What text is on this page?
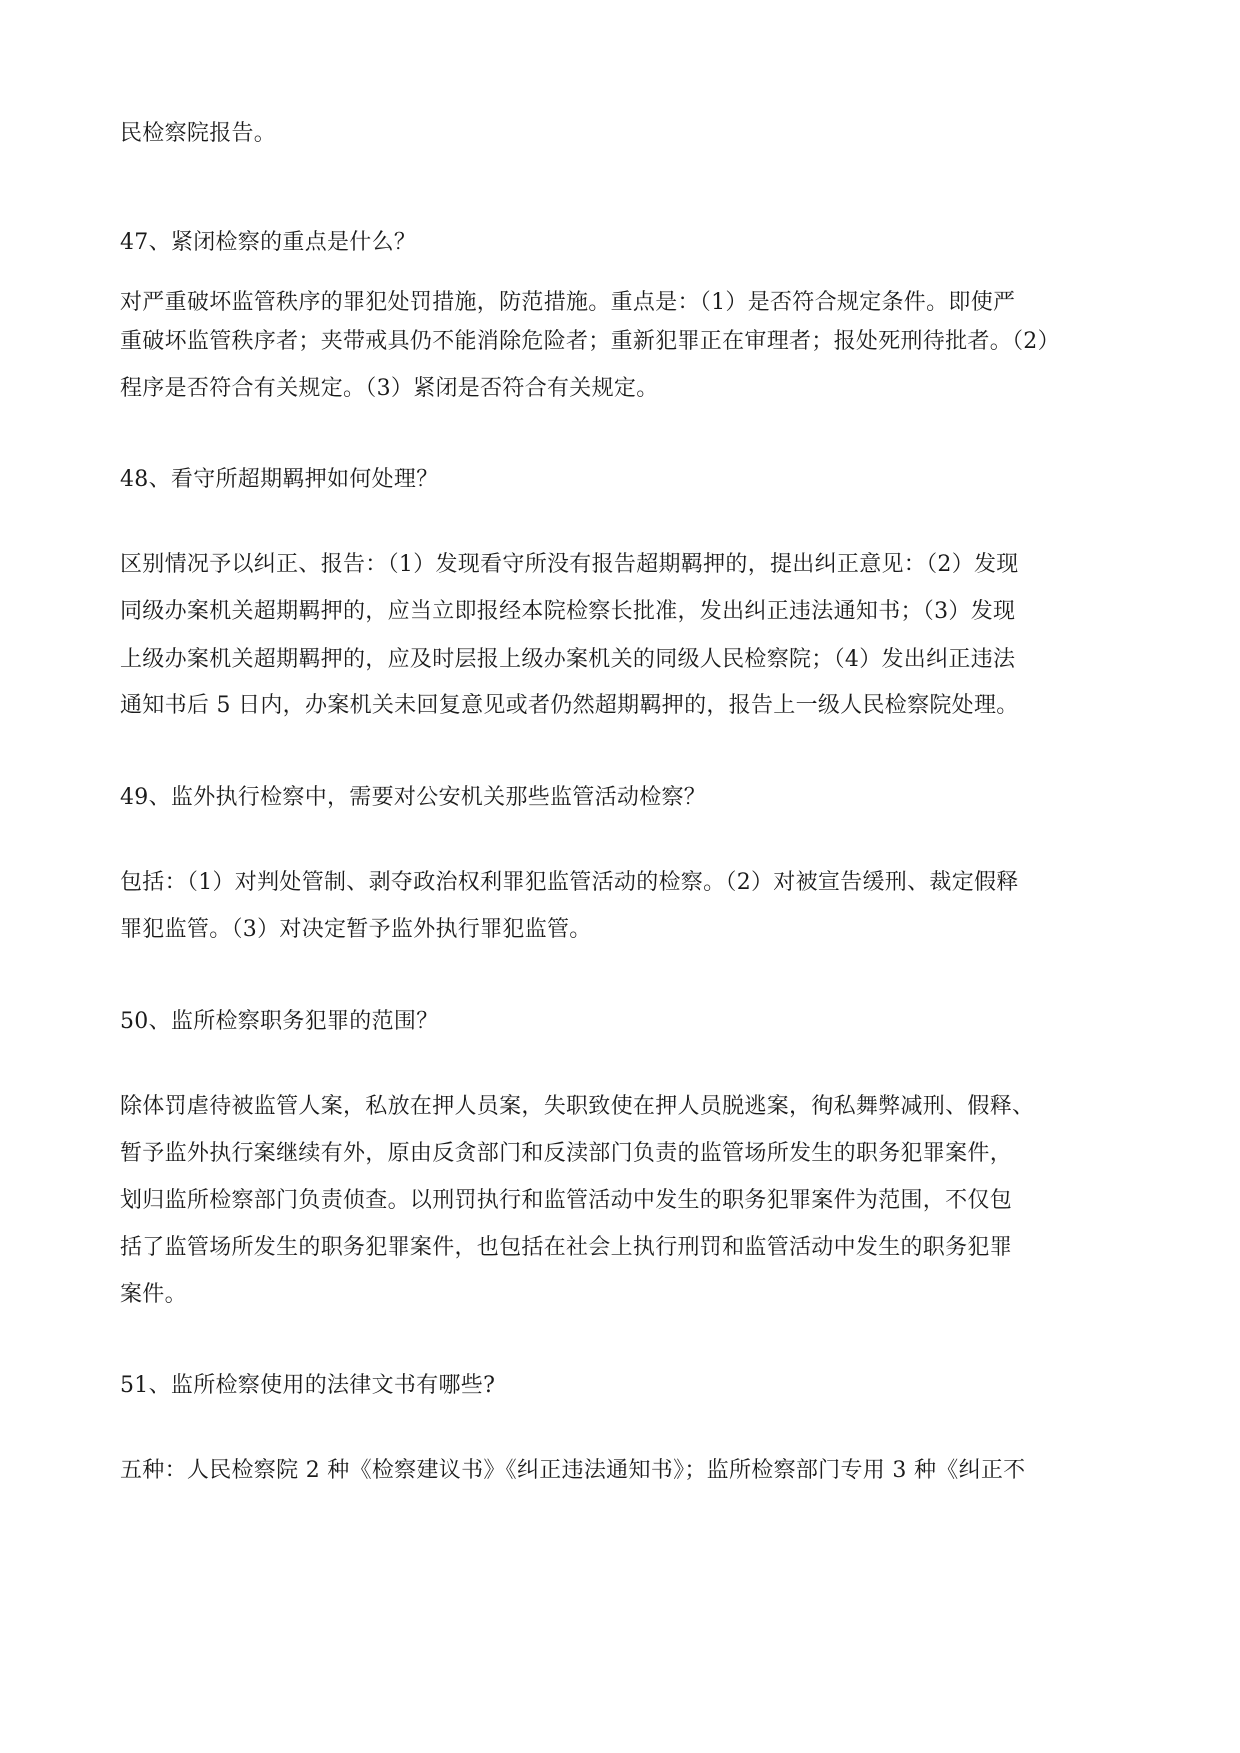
民检察院报告。

47、紧闭检察的重点是什么？

对严重破坏监管秩序的罪犯处罚措施，防范措施。重点是：（1）是否符合规定条件。即使严

重破坏监管秩序者；夹带戒具仍不能消除危险者；重新犯罪正在审理者；报处死刑待批者。（2）

程序是否符合有关规定。（3）紧闭是否符合有关规定。

48、看守所超期羁押如何处理？

区别情况予以纠正、报告：（1）发现看守所没有报告超期羁押的，提出纠正意见：（2）发现

同级办案机关超期羁押的，应当立即报经本院检察长批准，发出纠正违法通知书；（3）发现

上级办案机关超期羁押的，应及时层报上级办案机关的同级人民检察院；（4）发出纠正违法

通知书后 5 日内，办案机关未回复意见或者仍然超期羁押的，报告上一级人民检察院处理。

49、监外执行检察中，需要对公安机关那些监管活动检察？

包括：（1）对判处管制、剥夺政治权利罪犯监管活动的检察。（2）对被宣告缓刑、裁定假释

罪犯监管。（3）对决定暂予监外执行罪犯监管。

50、监所检察职务犯罪的范围？

除体罚虐待被监管人案，私放在押人员案，失职致使在押人员脱逃案，徇私舞弊减刑、假释、

暂予监外执行案继续有外，原由反贪部门和反渎部门负责的监管场所发生的职务犯罪案件，

划归监所检察部门负责侦查。以刑罚执行和监管活动中发生的职务犯罪案件为范围，不仅包

括了监管场所发生的职务犯罪案件，也包括在社会上执行刑罚和监管活动中发生的职务犯罪

案件。

51、监所检察使用的法律文书有哪些?

五种：人民检察院 2 种《检察建议书》《纠正违法通知书》；监所检察部门专用 3 种《纠正不
